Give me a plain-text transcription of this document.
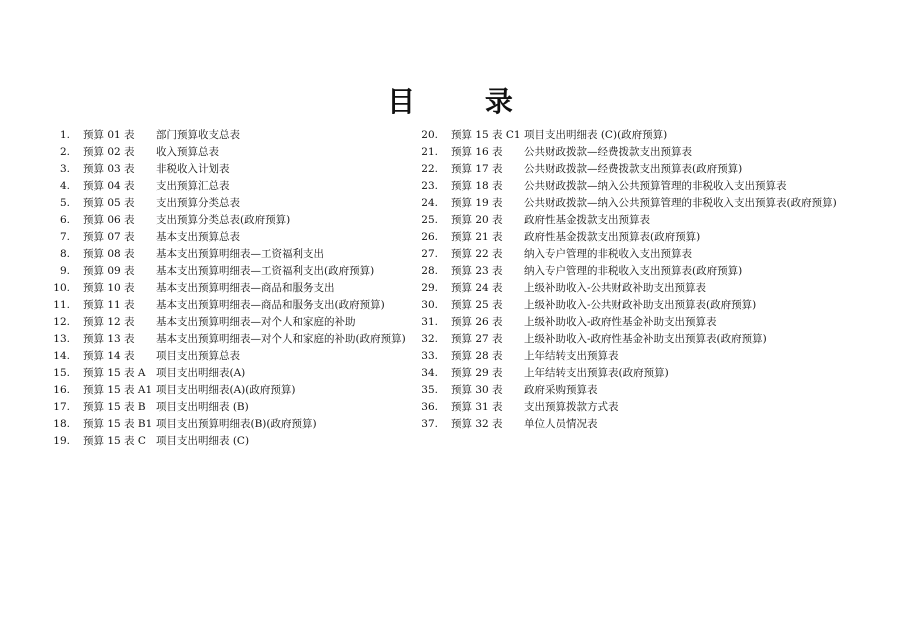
目 录
1. 预算 01 表 部门预算收支总表
2. 预算 02 表 收入预算总表
3. 预算 03 表 非税收入计划表
4. 预算 04 表 支出预算汇总表
5. 预算 05 表 支出预算分类总表
6. 预算 06 表 支出预算分类总表(政府预算)
7. 预算 07 表 基本支出预算总表
8. 预算 08 表 基本支出预算明细表—工资福利支出
9. 预算 09 表 基本支出预算明细表—工资福利支出(政府预算)
10. 预算 10 表 基本支出预算明细表—商品和服务支出
11. 预算 11 表 基本支出预算明细表—商品和服务支出(政府预算)
12. 预算 12 表 基本支出预算明细表—对个人和家庭的补助
13. 预算 13 表 基本支出预算明细表—对个人和家庭的补助(政府预算)
14. 预算 14 表 项目支出预算总表
15. 预算 15 表 A 项目支出明细表(A)
16. 预算 15 表 A1 项目支出明细表(A)(政府预算)
17. 预算 15 表 B 项目支出明细表 (B)
18. 预算 15 表 B1 项目支出预算明细表(B)(政府预算)
19. 预算 15 表 C 项目支出明细表 (C)
20. 预算 15 表 C1 项目支出明细表 (C)(政府预算)
21. 预算 16 表 公共财政拨款—经费拨款支出预算表
22. 预算 17 表 公共财政拨款—经费拨款支出预算表(政府预算)
23. 预算 18 表 公共财政拨款—纳入公共预算管理的非税收入支出预算表
24. 预算 19 表 公共财政拨款—纳入公共预算管理的非税收入支出预算表(政府预算)
25. 预算 20 表 政府性基金拨款支出预算表
26. 预算 21 表 政府性基金拨款支出预算表(政府预算)
27. 预算 22 表 纳入专户管理的非税收入支出预算表
28. 预算 23 表 纳入专户管理的非税收入支出预算表(政府预算)
29. 预算 24 表 上级补助收入-公共财政补助支出预算表
30. 预算 25 表 上级补助收入-公共财政补助支出预算表(政府预算)
31. 预算 26 表 上级补助收入-政府性基金补助支出预算表
32. 预算 27 表 上级补助收入-政府性基金补助支出预算表(政府预算)
33. 预算 28 表 上年结转支出预算表
34. 预算 29 表 上年结转支出预算表(政府预算)
35. 预算 30 表 政府采购预算表
36. 预算 31 表 支出预算拨款方式表
37. 预算 32 表 单位人员情况表
